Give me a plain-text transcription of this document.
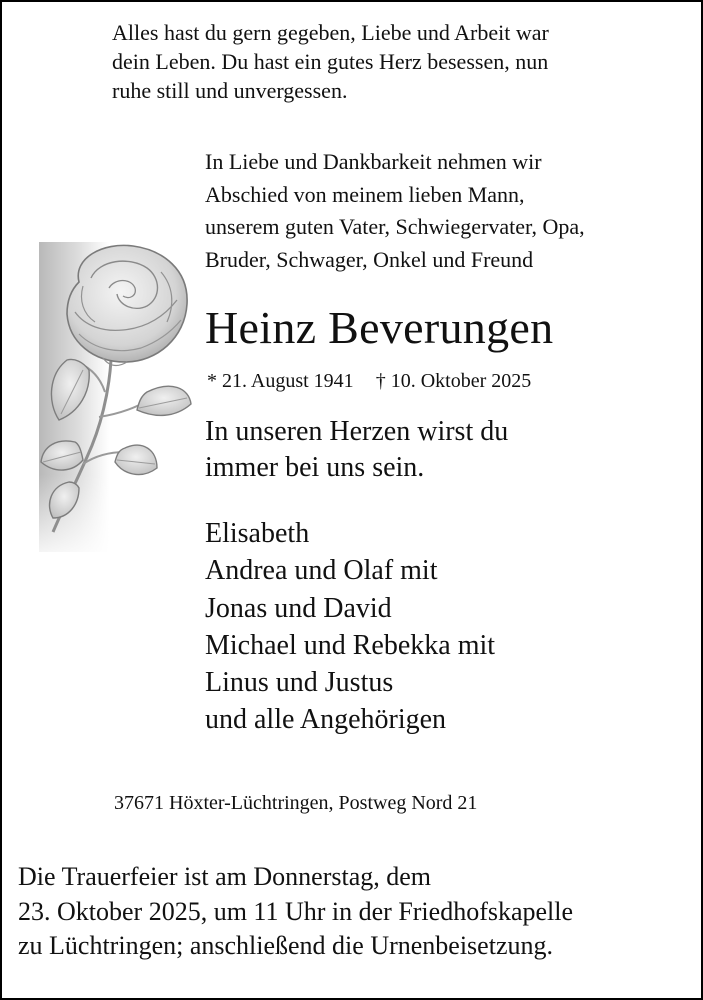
Alles hast du gern gegeben, Liebe und Arbeit war
dein Leben. Du hast ein gutes Herz besessen, nun
ruhe still und unvergessen.
In Liebe und Dankbarkeit nehmen wir
Abschied von meinem lieben Mann,
unserem guten Vater, Schwiegervater, Opa,
Bruder, Schwager, Onkel und Freund
Heinz Beverungen
* 21. August 1941 † 10. Oktober 2025
In unseren Herzen wirst du
immer bei uns sein.
Elisabeth
Andrea und Olaf mit
Jonas und David
Michael und Rebekka mit
Linus und Justus
und alle Angehörigen
37671 Höxter-Lüchtringen, Postweg Nord 21
Die Trauerfeier ist am Donnerstag, dem
23. Oktober 2025, um 11 Uhr in der Friedhofskapelle
zu Lüchtringen; anschließend die Urnenbeisetzung.
